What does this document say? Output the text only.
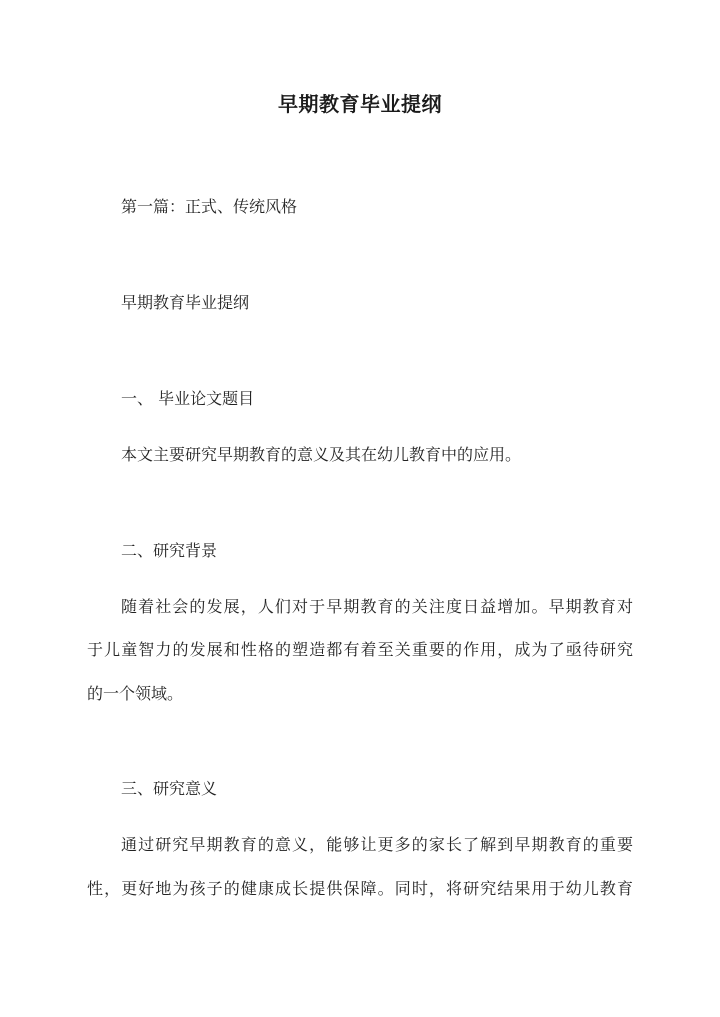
早期教育毕业提纲
第一篇：正式、传统风格
早期教育毕业提纲
一、 毕业论文题目
本文主要研究早期教育的意义及其在幼儿教育中的应用。
二、研究背景
随着社会的发展，人们对于早期教育的关注度日益增加。早期教育对
于儿童智力的发展和性格的塑造都有着至关重要的作用，成为了亟待研究
的一个领域。
三、研究意义
通过研究早期教育的意义，能够让更多的家长了解到早期教育的重要
性，更好地为孩子的健康成长提供保障。同时，将研究结果用于幼儿教育
